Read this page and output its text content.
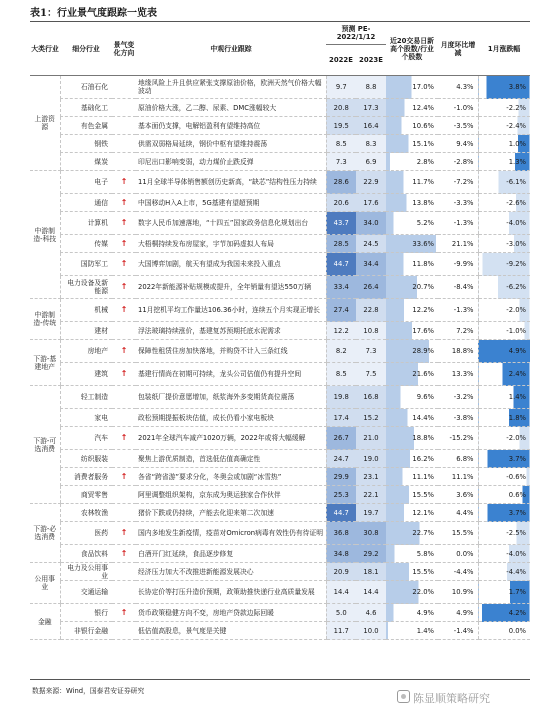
表1：行业景气度跟踪一览表
大类行业	细分行业	景气变化方向	中观行业跟踪	预测 PE-2022/1/12		近20交易日新高个股数/行业个股数	月度环比增减	1月涨跌幅
				2022E	2023E			
上游资源	石油石化		地缘风险上升且供应紧张支撑原油价格，欧洲天然气价格大幅波动	9.7	8.8	17.0%	4.3%	3.8%
	基础化工		原油价格大涨，乙二醇、尿素、DMC涨幅较大	20.8	17.3	12.4%	-1.0%	-2.2%
	有色金属		基本面仍支撑，电解铝盈利有望维持高位	19.5	16.4	10.6%	-3.5%	-2.4%
	钢铁		供需双弱格局延续，钢价中枢有望维持震荡	8.5	8.3	15.1%	9.4%	1.0%
	煤炭		印尼出口影响变弱，动力煤价止跌反弹	7.3	6.9	2.8%	-2.8%	1.3%
中游制造-科技	电子	↑	11月全球半导体销售额创历史新高，“缺芯”结构性压力持续	28.6	22.9	11.7%	-7.2%	-6.1%
	通信	↑	中国移动H入A上市，5G基建有望超预期	20.6	17.6	13.8%	-3.3%	-2.6%
	计算机	↑	数字人民币加速落地，“十四五”国家政务信息化规划出台	43.7	34.0	5.2%	-1.3%	-4.0%
	传媒	↑	大梧桐持续发布房屋家，宇节加码虚拟人布局	28.5	24.5	33.6%	21.1%	-3.0%
	国防军工	↑	大国博弈加剧，航天有望成为我国未来投入重点	44.7	34.4	11.8%	-9.9%	-9.2%
	电力设备及新能源	↑	2022年新能源补贴规模或提升，全年销量有望达550万辆	33.4	26.4	20.7%	-8.4%	-6.2%
中游制造-传统	机械	↑	11月挖机平均工作量达106.36小时，连续五个月实现正增长	27.4	22.8	12.2%	-1.3%	-2.0%
	建材		浮法玻璃持续涨价，基建复苏预期托底水泥需求	12.2	10.8	17.6%	7.2%	-1.0%
下游-基建地产	房地产	↑	保障性租赁住房加快落地，并购贷不计入三条红线	8.2	7.3	28.9%	18.8%	4.9%
	建筑	↑	基建行情尚在初期可持续，龙头公司估值仍有提升空间	8.5	7.5	21.6%	13.3%	2.4%
下游-可选消费	轻工制造		包装纸厂提价意愿增加，纸浆海外多变期货高位震荡	19.8	16.8	9.6%	-3.2%	1.4%
	家电		政松预期提振板块估值，成长仍看小家电板块	17.4	15.2	14.4%	-3.8%	1.8%
	汽车	↑	2021年全球汽车减产1020万辆，2022年或将大幅缓解	26.7	21.0	18.8%	-15.2%	-2.0%
	纺织服装		聚焦上游优质制造，首选低估值高确定性	24.7	19.0	16.2%	6.8%	3.7%
	消费者服务	↑	各省“跨省游”要求分化，冬奥会或加剧“冰雪热”	29.9	23.1	11.1%	11.1%	-0.6%
	商贸零售		阿里调整组织架构，京东成为奥运独家合作伙伴	25.3	22.1	15.5%	3.6%	0.6%
下游-必选消费	农林牧渔		猪价下跌或仍持续，产能去化迎来第二次加速	44.7	19.7	12.1%	4.4%	3.7%
	医药	↑	国内多地发生新疫情，疫苗对Omicron病毒有效性仍有待证明	36.8	30.8	22.7%	15.5%	-2.5%
	食品饮料	↑	白酒开门红延续，食品逐步修复	34.8	29.2	5.8%	0.0%	-4.0%
公用事业	电力及公用事业		经济压力加大不改推进新能源发展决心	20.9	18.1	15.5%	-4.4%	-4.4%
	交通运输		长协定价等打压升造价预期，政策助推快递行业高质量发展	14.4	14.4	22.0%	10.9%	1.7%
金融	银行	↑	货币政策稳健方向不变，房地产贷款边际回暖	5.0	4.6	4.9%	4.9%	4.2%
	非银行金融		低估值高股息，景气度是关键	11.7	10.0	1.4%	-1.4%	0.0%
数据来源：Wind，国泰君安证券研究
陈显顺策略研究
